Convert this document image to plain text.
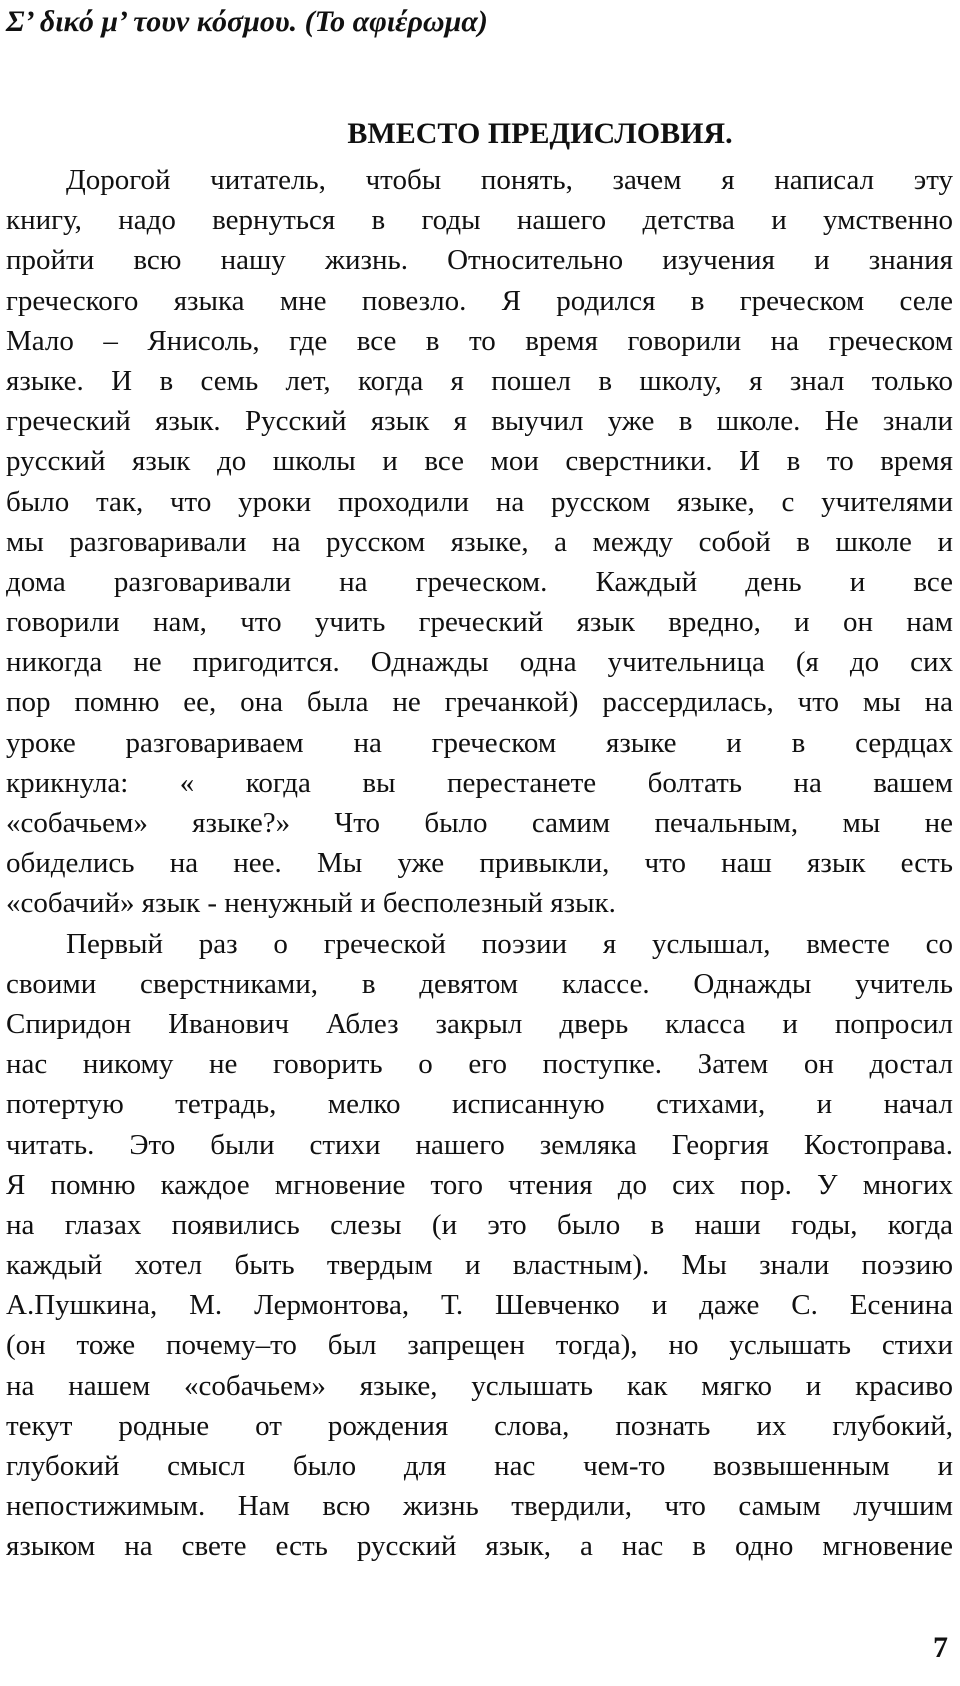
Σ’ δικό μ’ τουν κόσμου. (Το αφιέρωμα)
ВМЕСТО ПРЕДИСЛОВИЯ.

Дорогой читатель, чтобы понять, зачем я написал эту
книгу, надо вернуться в годы нашего детства и умственно
пройти всю нашу жизнь. Относительно изучения и знания
греческого языка мне повезло. Я родился в греческом селе
Мало – Янисоль, где все в то время говорили на греческом
языке. И в семь лет, когда я пошел в школу, я знал только
греческий язык. Русский язык я выучил уже в школе. Не знали
русский язык до школы и все мои сверстники. И в то время
было так, что уроки проходили на русском языке, с учителями
мы разговаривали на русском языке, а между собой в школе и
дома разговаривали на греческом. Каждый день и все
говорили нам, что учить греческий язык вредно, и он нам
никогда не пригодится. Однажды одна учительница (я до сих
пор помню ее, она была не гречанкой) рассердилась, что мы на
уроке разговариваем на греческом языке и в сердцах
крикнула: « когда вы перестанете болтать на вашем
«собачьем» языке?» Что было самим печальным, мы не
обиделись на нее. Мы уже привыкли, что наш язык есть
«собачий» язык - ненужный и бесполезный язык.

Первый раз о греческой поэзии я услышал, вместе со
своими сверстниками, в девятом классе. Однажды учитель
Спиридон Иванович Аблез закрыл дверь класса и попросил
нас никому не говорить о его поступке. Затем он достал
потертую тетрадь, мелко исписанную стихами, и начал
читать. Это были стихи нашего земляка Георгия Костоправа.
Я помню каждое мгновение того чтения до сих пор. У многих
на глазах появились слезы (и это было в наши годы, когда
каждый хотел быть твердым и властным). Мы знали поэзию
А.Пушкина, М. Лермонтова, Т. Шевченко и даже С. Есенина
(он тоже почему–то был запрещен тогда), но услышать стихи
на нашем «собачьем» языке, услышать как мягко и красиво
текут родные от рождения слова, познать их глубокий,
глубокий смысл было для нас чем-то возвышенным и
непостижимым. Нам всю жизнь твердили, что самым лучшим
языком на свете есть русский язык, а нас в одно мгновение

7
